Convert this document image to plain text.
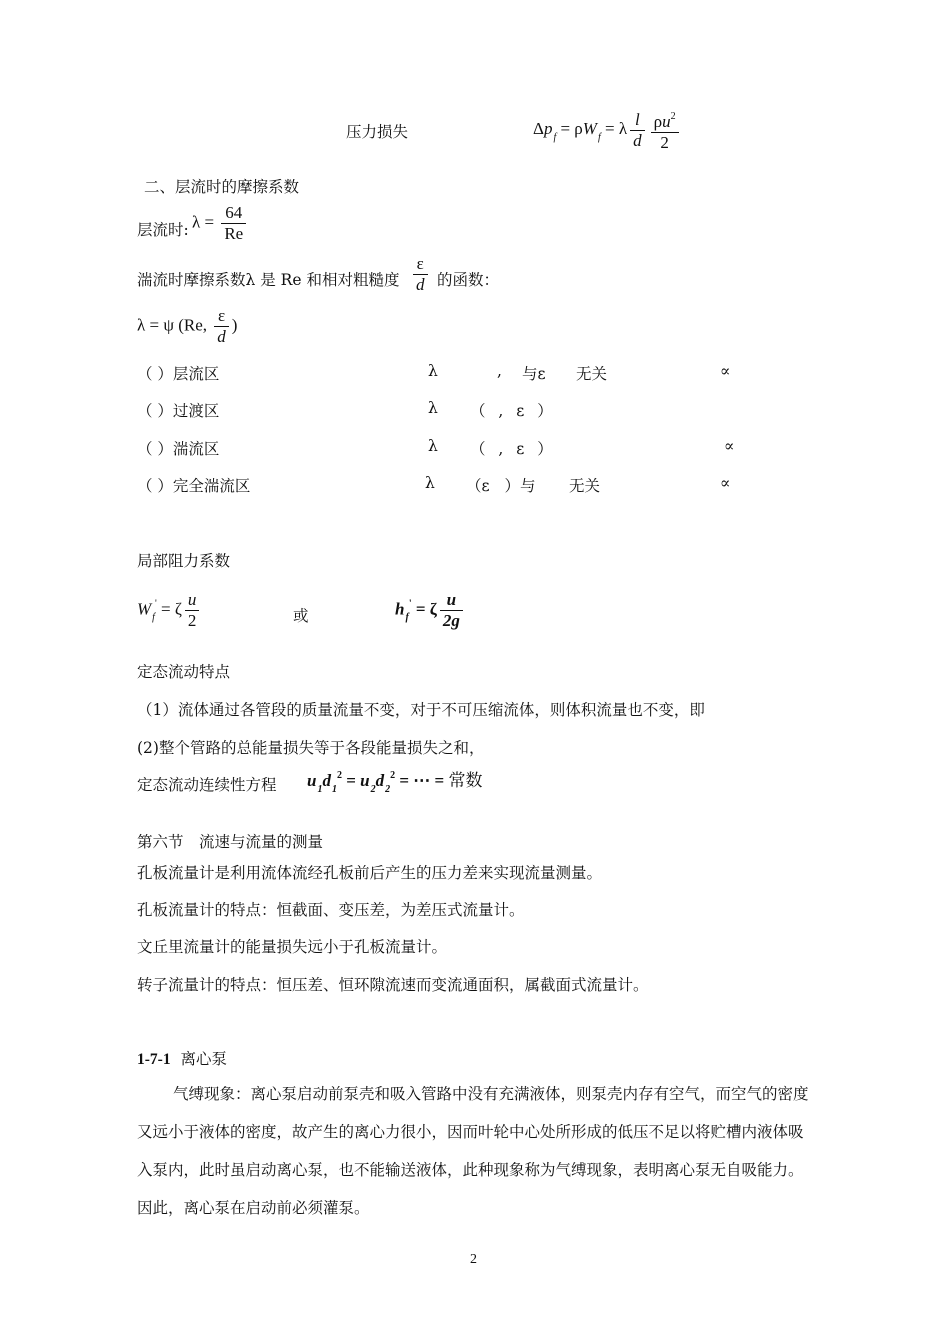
压力损失	$\Delta p_f = \rho W_f = \lambda \frac{l}{d} \frac{\rho u^2}{2}$
二、层流时的摩擦系数
层流时: $\lambda = \frac{64}{Re}$
湍流时摩擦系数λ 是 Re 和相对粗糙度 $\frac{\varepsilon}{d}$ 的函数：
λ = ψ (Re, $\frac{\varepsilon}{d}$ )
（ ）层流区	λ	, 与ε 无关	∝
（ ）过渡区	λ （ , ε ）
（ ）湍流区	λ （ , ε ）	∝
（ ）完全湍流区	λ （ε ）与 无关	∝
局部阻力系数
$W_f' = \zeta \frac{u}{2}$	或	$h_f' = \zeta \frac{u}{2g}$
定态流动特点
（1）流体通过各管段的质量流量不变，对于不可压缩流体，则体积流量也不变，即
(2)整个管路的总能量损失等于各段能量损失之和，
定态流动连续性方程 $u_1d_1^2 = u_2d_2^2$ = ⋯ = 常数
第六节　流速与流量的测量
孔板流量计是利用流体流经孔板前后产生的压力差来实现流量测量。
孔板流量计的特点：恒截面、变压差，为差压式流量计。
文丘里流量计的能量损失远小于孔板流量计。
转子流量计的特点：恒压差、恒环隙流速而变流通面积，属截面式流量计。
1-7-1 离心泵
气缚现象：离心泵启动前泵壳和吸入管路中没有充满液体，则泵壳内存有空气，而空气的密度又远小于液体的密度，故产生的离心力很小，因而叶轮中心处所形成的低压不足以将贮槽内液体吸入泵内，此时虽启动离心泵，也不能输送液体，此种现象称为气缚现象，表明离心泵无自吸能力。因此，离心泵在启动前必须灌泵。
2
